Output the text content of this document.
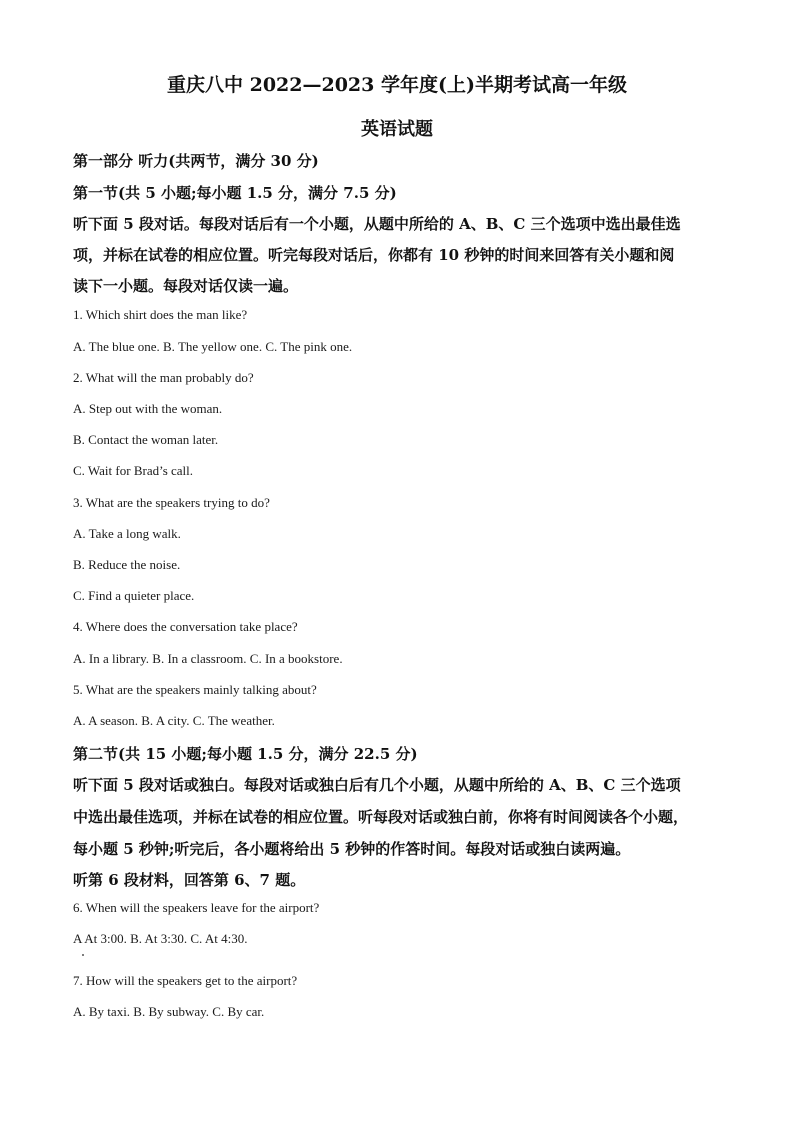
重庆八中 2022—2023 学年度(上)半期考试高一年级
英语试题
第一部分 听力(共两节，满分 30 分)
第一节(共 5 小题;每小题 1.5 分，满分 7.5 分)
听下面 5 段对话。每段对话后有一个小题，从题中所给的 A、B、C 三个选项中选出最佳选
项，并标在试卷的相应位置。听完每段对话后，你都有 10 秒钟的时间来回答有关小题和阅
读下一小题。每段对话仅读一遍。
1. Which shirt does the man like?
A. The blue one. B. The yellow one. C. The pink one.
2. What will the man probably do?
A. Step out with the woman.
B. Contact the woman later.
C. Wait for Brad’s call.
3. What are the speakers trying to do?
A. Take a long walk.
B. Reduce the noise.
C. Find a quieter place.
4. Where does the conversation take place?
A. In a library. B. In a classroom. C. In a bookstore.
5. What are the speakers mainly talking about?
A. A season. B. A city. C. The weather.
第二节(共 15 小题;每小题 1.5 分，满分 22.5 分)
听下面 5 段对话或独白。每段对话或独白后有几个小题，从题中所给的 A、B、C 三个选项
中选出最佳选项，并标在试卷的相应位置。听每段对话或独白前，你将有时间阅读各个小题，
每小题 5 秒钟;听完后，各小题将给出 5 秒钟的作答时间。每段对话或独白读两遍。
听第 6 段材料，回答第 6、7 题。
6. When will the speakers leave for the airport?
A At 3:00. B. At 3:30. C. At 4:30.
7. How will the speakers get to the airport?
A. By taxi. B. By subway. C. By car.
